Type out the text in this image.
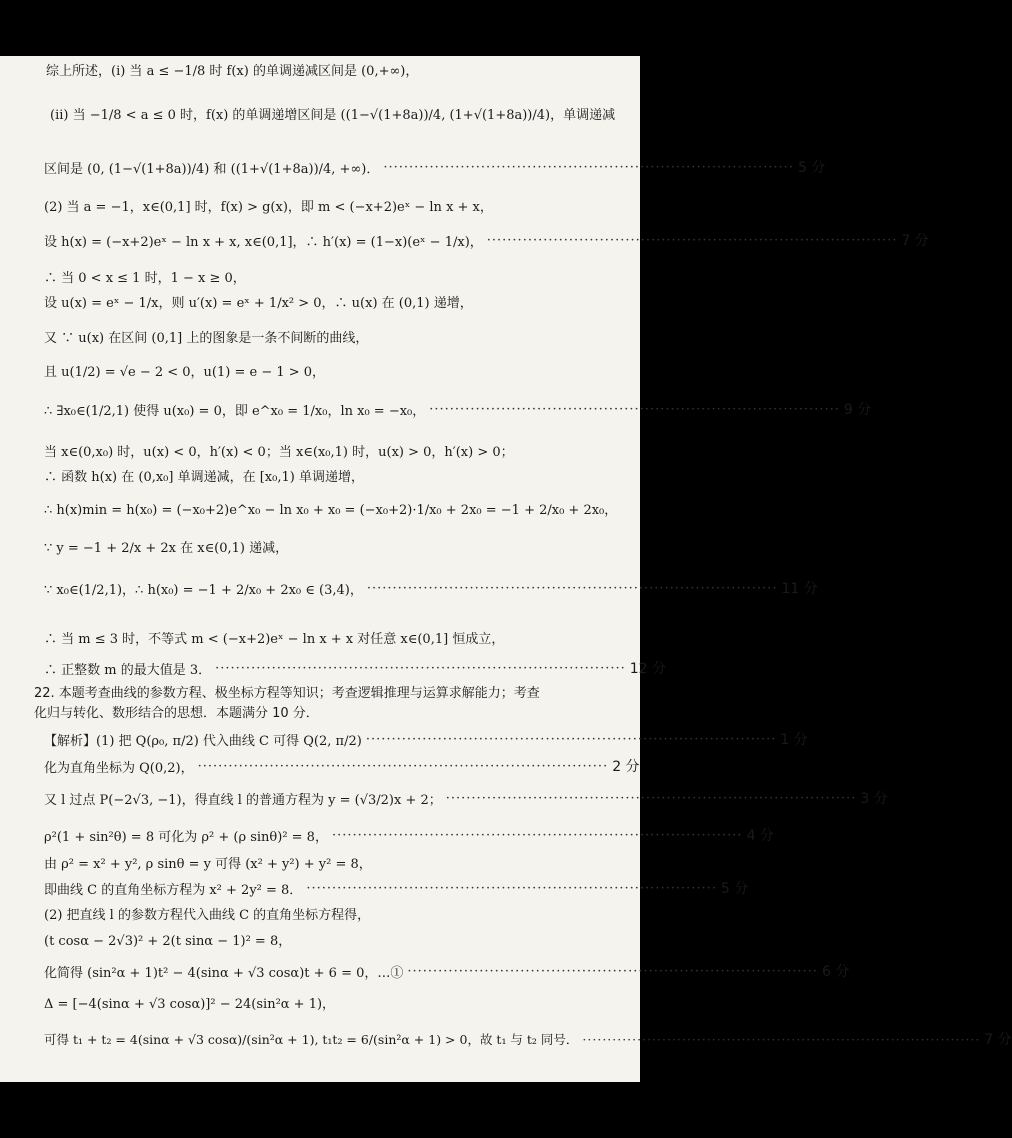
综上所述，(i) 当 a ≤ −1/8 时 f(x) 的单调递减区间是 (0,+∞)，
(ii) 当 −1/8 < a ≤ 0 时，f(x) 的单调递增区间是 ((1−√(1+8a))/4, (1+√(1+8a))/4)，单调递减
区间是 (0, (1−√(1+8a))/4) 和 ((1+√(1+8a))/4, +∞)． ················································································ 5 分
(2) 当 a = −1，x∈(0,1] 时，f(x) > g(x)，即 m < (−x+2)eˣ − ln x + x，
设 h(x) = (−x+2)eˣ − ln x + x, x∈(0,1]，∴ h′(x) = (1−x)(eˣ − 1/x)， ················································································ 7 分
∴ 当 0 < x ≤ 1 时，1 − x ≥ 0，
设 u(x) = eˣ − 1/x，则 u′(x) = eˣ + 1/x² > 0，∴ u(x) 在 (0,1) 递增，
又 ∵ u(x) 在区间 (0,1] 上的图象是一条不间断的曲线，
且 u(1/2) = √e − 2 < 0，u(1) = e − 1 > 0，
∴ ∃x₀∈(1/2,1) 使得 u(x₀) = 0，即 e^x₀ = 1/x₀，ln x₀ = −x₀， ················································································ 9 分
当 x∈(0,x₀) 时，u(x) < 0，h′(x) < 0；当 x∈(x₀,1) 时，u(x) > 0，h′(x) > 0；
∴ 函数 h(x) 在 (0,x₀] 单调递减，在 [x₀,1) 单调递增，
∴ h(x)min = h(x₀) = (−x₀+2)e^x₀ − ln x₀ + x₀ = (−x₀+2)·1/x₀ + 2x₀ = −1 + 2/x₀ + 2x₀，
∵ y = −1 + 2/x + 2x 在 x∈(0,1) 递减，
∵ x₀∈(1/2,1)，∴ h(x₀) = −1 + 2/x₀ + 2x₀ ∈ (3,4)， ················································································ 11 分
∴ 当 m ≤ 3 时，不等式 m < (−x+2)eˣ − ln x + x 对任意 x∈(0,1] 恒成立，
∴ 正整数 m 的最大值是 3． ················································································ 12 分
22. 本题考查曲线的参数方程、极坐标方程等知识；考查逻辑推理与运算求解能力；考查
化归与转化、数形结合的思想．本题满分 10 分．
【解析】(1) 把 Q(ρ₀, π/2) 代入曲线 C 可得 Q(2, π/2) ················································································ 1 分
化为直角坐标为 Q(0,2)， ················································································ 2 分
又 l 过点 P(−2√3, −1)，得直线 l 的普通方程为 y = (√3/2)x + 2； ················································································ 3 分
ρ²(1 + sin²θ) = 8 可化为 ρ² + (ρ sinθ)² = 8， ················································································ 4 分
由 ρ² = x² + y², ρ sinθ = y 可得 (x² + y²) + y² = 8，
即曲线 C 的直角坐标方程为 x² + 2y² = 8． ················································································ 5 分
(2) 把直线 l 的参数方程代入曲线 C 的直角坐标方程得，
(t cosα − 2√3)² + 2(t sinα − 1)² = 8，
化简得 (sin²α + 1)t² − 4(sinα + √3 cosα)t + 6 = 0，…① ················································································ 6 分
Δ = [−4(sinα + √3 cosα)]² − 24(sin²α + 1)，
可得 t₁ + t₂ = 4(sinα + √3 cosα)/(sin²α + 1), t₁t₂ = 6/(sin²α + 1) > 0，故 t₁ 与 t₂ 同号． ················································································ 7 分
